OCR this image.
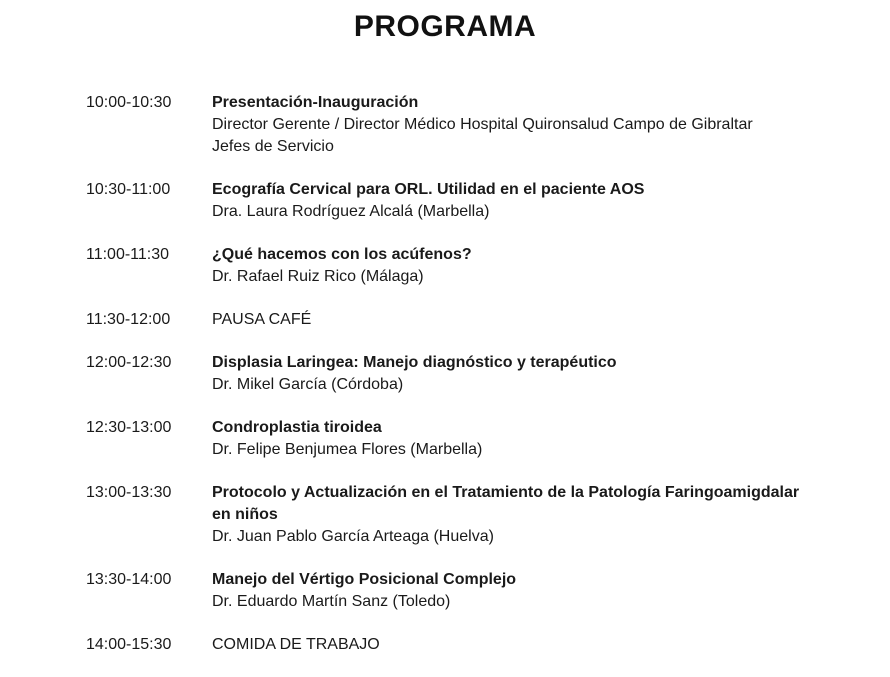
PROGRAMA
10:00-10:30	Presentación-Inauguración
Director Gerente / Director Médico Hospital Quironsalud Campo de Gibraltar
Jefes de Servicio
10:30-11:00	Ecografía Cervical para ORL. Utilidad en el paciente AOS
Dra. Laura Rodríguez Alcalá (Marbella)
11:00-11:30	¿Qué hacemos con los acúfenos?
Dr. Rafael Ruiz Rico (Málaga)
11:30-12:00	PAUSA CAFÉ
12:00-12:30	Displasia Laringea: Manejo diagnóstico y terapéutico
Dr. Mikel García (Córdoba)
12:30-13:00	Condroplastia tiroidea
Dr. Felipe Benjumea Flores (Marbella)
13:00-13:30	Protocolo y Actualización en el Tratamiento de la Patología Faringoamigdalar
en niños
Dr. Juan Pablo García Arteaga (Huelva)
13:30-14:00	Manejo del Vértigo Posicional Complejo
Dr. Eduardo Martín Sanz (Toledo)
14:00-15:30	COMIDA DE TRABAJO
